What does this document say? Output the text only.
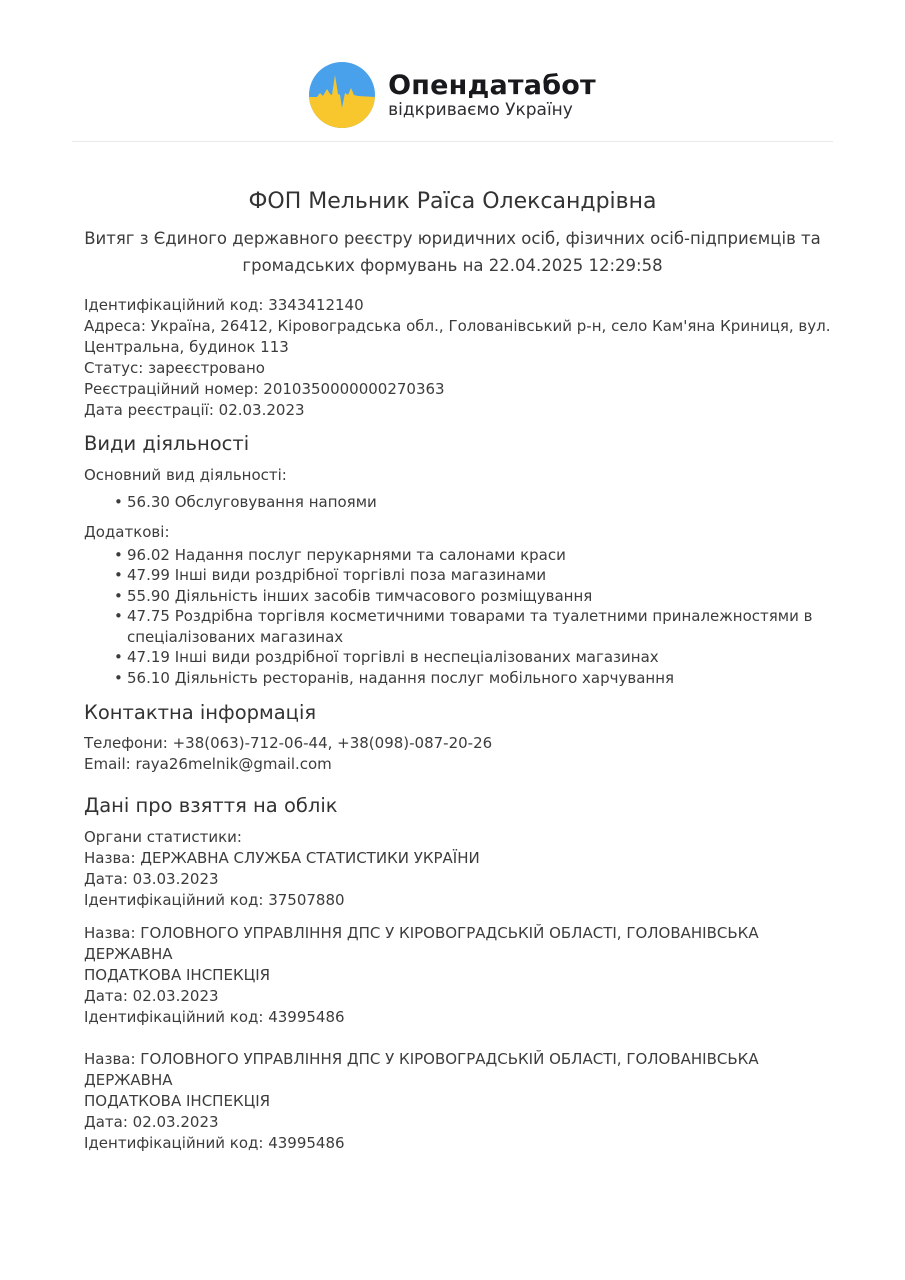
Опендатабот
відкриваємо Україну
ФОП Мельник Раїса Олександрівна
Витяг з Єдиного державного реєстру юридичних осіб, фізичних осіб-підприємців та
громадських формувань на 22.04.2025 12:29:58
Ідентифікаційний код: 3343412140
Адреса: Україна, 26412, Кіровоградська обл., Голованівський р-н, село Кам'яна Криниця, вул.
Центральна, будинок 113
Статус: зареєстровано
Реєстраційний номер: 2010350000000270363
Дата реєстрації: 02.03.2023
Види діяльності

Основний вид діяльності:

• 56.30 Обслуговування напоями

Додаткові:

• 96.02 Надання послуг перукарнями та салонами краси
• 47.99 Інші види роздрібної торгівлі поза магазинами
• 55.90 Діяльність інших засобів тимчасового розміщування
• 47.75 Роздрібна торгівля косметичними товарами та туалетними приналежностями в спеціалізованих магазинах
• 47.19 Інші види роздрібної торгівлі в неспеціалізованих магазинах
• 56.10 Діяльність ресторанів, надання послуг мобільного харчування
Контактна інформація
Телефони: +38(063)-712-06-44, +38(098)-087-20-26
Email: raya26melnik@gmail.com
Дані про взяття на облік
Органи статистики:
Назва: ДЕРЖАВНА СЛУЖБА СТАТИСТИКИ УКРАЇНИ
Дата: 03.03.2023
Ідентифікаційний код: 37507880
Назва: ГОЛОВНОГО УПРАВЛІННЯ ДПС У КІРОВОГРАДСЬКІЙ ОБЛАСТІ, ГОЛОВАНІВСЬКА ДЕРЖАВНА
ПОДАТКОВА ІНСПЕКЦІЯ
Дата: 02.03.2023
Ідентифікаційний код: 43995486
Назва: ГОЛОВНОГО УПРАВЛІННЯ ДПС У КІРОВОГРАДСЬКІЙ ОБЛАСТІ, ГОЛОВАНІВСЬКА ДЕРЖАВНА
ПОДАТКОВА ІНСПЕКЦІЯ
Дата: 02.03.2023
Ідентифікаційний код: 43995486
